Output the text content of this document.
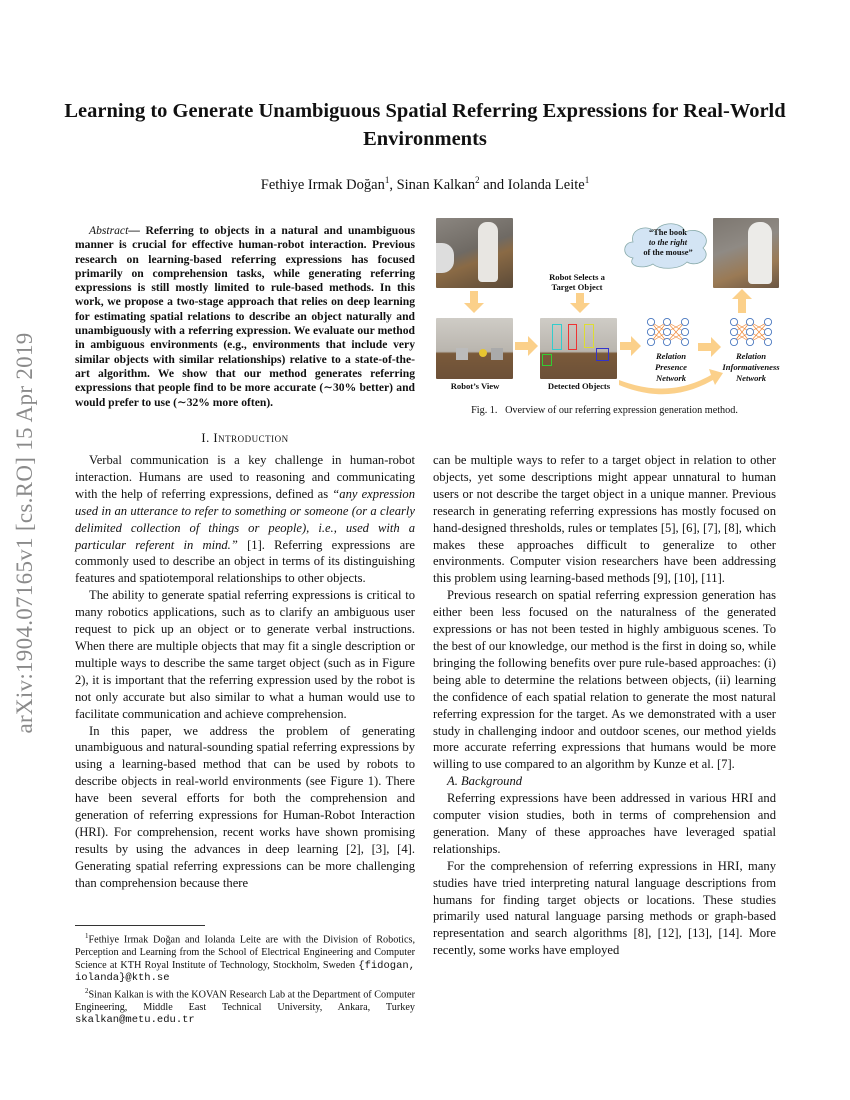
arXiv:1904.07165v1 [cs.RO] 15 Apr 2019
Learning to Generate Unambiguous Spatial Referring Expressions for Real-World Environments
Fethiye Irmak Doğan$^1$, Sinan Kalkan$^2$ and Iolanda Leite$^1$
Abstract— Referring to objects in a natural and unambiguous manner is crucial for effective human-robot interaction. Previous research on learning-based referring expressions has focused primarily on comprehension tasks, while generating referring expressions is still mostly limited to rule-based methods. In this work, we propose a two-stage approach that relies on deep learning for estimating spatial relations to describe an object naturally and unambiguously with a referring expression. We evaluate our method in ambiguous environments (e.g., environments that include very similar objects with similar relationships) relative to a state-of-the-art algorithm. We show that our method generates referring expressions that people find to be more accurate (∼30% better) and would prefer to use (∼32% more often).
“The book
to the right
of the mouse”
Robot Selects a Target Object
Robot’s View	Detected Objects
Relation Presence Network
Relation Informativeness Network
Fig. 1.   Overview of our referring expression generation method.
I. Introduction

Verbal communication is a key challenge in human-robot interaction. Humans are used to reasoning and communicating with the help of referring expressions, defined as “any expression used in an utterance to refer to something or someone (or a clearly delimited collection of things or people), i.e., used with a particular referent in mind.” [1]. Referring expressions are commonly used to describe an object in terms of its distinguishing features and spatiotemporal relationships to other objects.

The ability to generate spatial referring expressions is critical to many robotics applications, such as to clarify an ambiguous user request to pick up an object or to generate verbal instructions. When there are multiple objects that may fit a single description or multiple ways to describe the same target object (such as in Figure 2), it is important that the referring expression used by the robot is not only accurate but also similar to what a human would use to facilitate communication and achieve comprehension.

In this paper, we address the problem of generating unambiguous and natural-sounding spatial referring expressions by using a learning-based method that can be used by robots to describe objects in real-world environments (see Figure 1). There have been several efforts for both the comprehension and generation of referring expressions for Human-Robot Interaction (HRI). For comprehension, recent works have shown promising results by using the advances in deep learning [2], [3], [4]. Generating spatial referring expressions can be more challenging than comprehension because there

$^1$Fethiye Irmak Doğan and Iolanda Leite are with the Division of Robotics, Perception and Learning from the School of Electrical Engineering and Computer Science at KTH Royal Institute of Technology, Stockholm, Sweden {fidogan, iolanda}@kth.se

$^2$Sinan Kalkan is with the KOVAN Research Lab at the Department of Computer Engineering, Middle East Technical University, Ankara, Turkey skalkan@metu.edu.tr

can be multiple ways to refer to a target object in relation to other objects, yet some descriptions might appear unnatural to human users or not describe the target object in a unique manner. Previous research in generating referring expressions has mostly focused on hand-designed thresholds, rules or templates [5], [6], [7], [8], which makes these approaches difficult to generalize to other environments. Computer vision researchers have been addressing this problem using learning-based methods [9], [10], [11].

Previous research on spatial referring expression generation has either been less focused on the naturalness of the generated expressions or has not been tested in highly ambiguous scenes. To the best of our knowledge, our method is the first in doing so, while bringing the following benefits over pure rule-based approaches: (i) being able to determine the relations between objects, (ii) learning the confidence of each spatial relation to generate the most natural referring expression for the target. As we demonstrated with a user study in challenging indoor and outdoor scenes, our method yields more accurate referring expressions that humans would be more willing to use compared to an algorithm by Kunze et al. [7].

A. Background

Referring expressions have been addressed in various HRI and computer vision studies, both in terms of comprehension and generation. Many of these approaches have leveraged spatial relationships.

For the comprehension of referring expressions in HRI, many studies have tried interpreting natural language descriptions from humans for finding target objects or locations. These studies primarily used natural language parsing methods or graph-based representation and search algorithms [8], [12], [13], [14]. More recently, some works have employed
